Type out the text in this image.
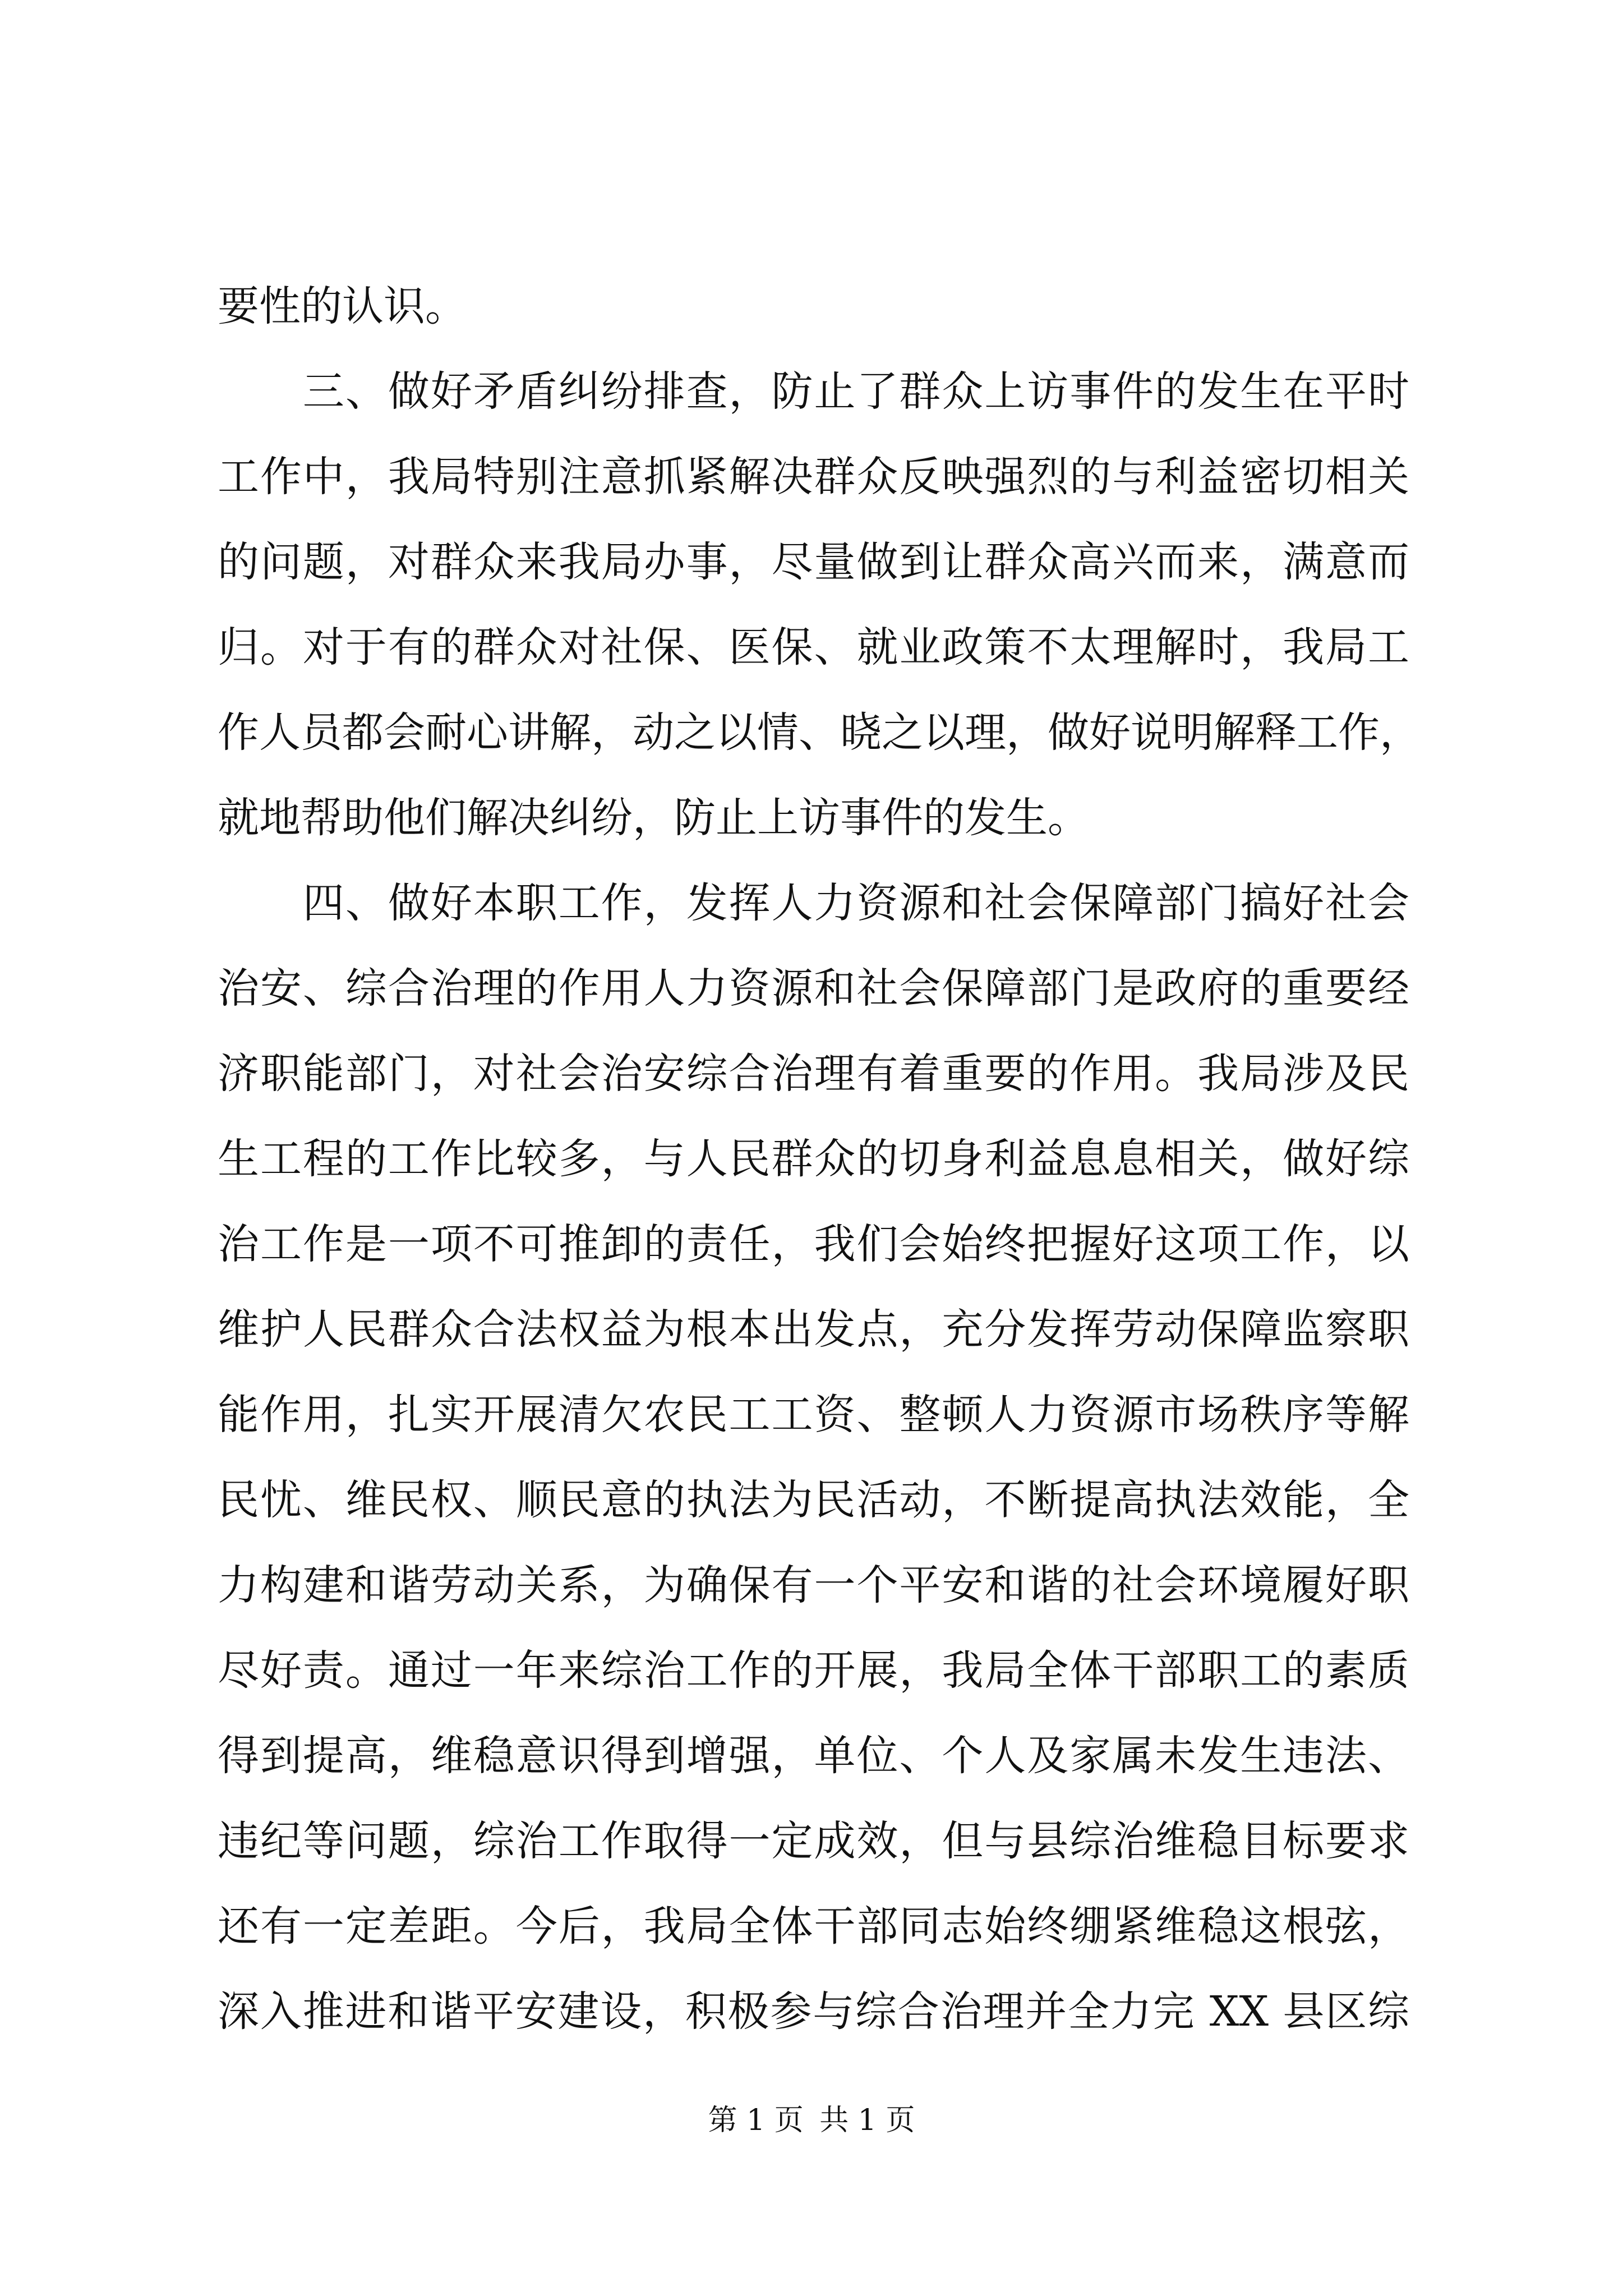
要性的认识。
　　三、做好矛盾纠纷排查，防止了群众上访事件的发生在平时
工作中，我局特别注意抓紧解决群众反映强烈的与利益密切相关
的问题，对群众来我局办事，尽量做到让群众高兴而来，满意而
归。对于有的群众对社保、医保、就业政策不太理解时，我局工
作人员都会耐心讲解，动之以情、晓之以理，做好说明解释工作，
就地帮助他们解决纠纷，防止上访事件的发生。
　　四、做好本职工作，发挥人力资源和社会保障部门搞好社会
治安、综合治理的作用人力资源和社会保障部门是政府的重要经
济职能部门，对社会治安综合治理有着重要的作用。我局涉及民
生工程的工作比较多，与人民群众的切身利益息息相关，做好综
治工作是一项不可推卸的责任，我们会始终把握好这项工作，以
维护人民群众合法权益为根本出发点，充分发挥劳动保障监察职
能作用，扎实开展清欠农民工工资、整顿人力资源市场秩序等解
民忧、维民权、顺民意的执法为民活动，不断提高执法效能，全
力构建和谐劳动关系，为确保有一个平安和谐的社会环境履好职
尽好责。通过一年来综治工作的开展，我局全体干部职工的素质
得到提高，维稳意识得到增强，单位、个人及家属未发生违法、
违纪等问题，综治工作取得一定成效，但与县综治维稳目标要求
还有一定差距。今后，我局全体干部同志始终绷紧维稳这根弦，
深入推进和谐平安建设，积极参与综合治理并全力完 XX 县区综
第 1 页 共 1 页
